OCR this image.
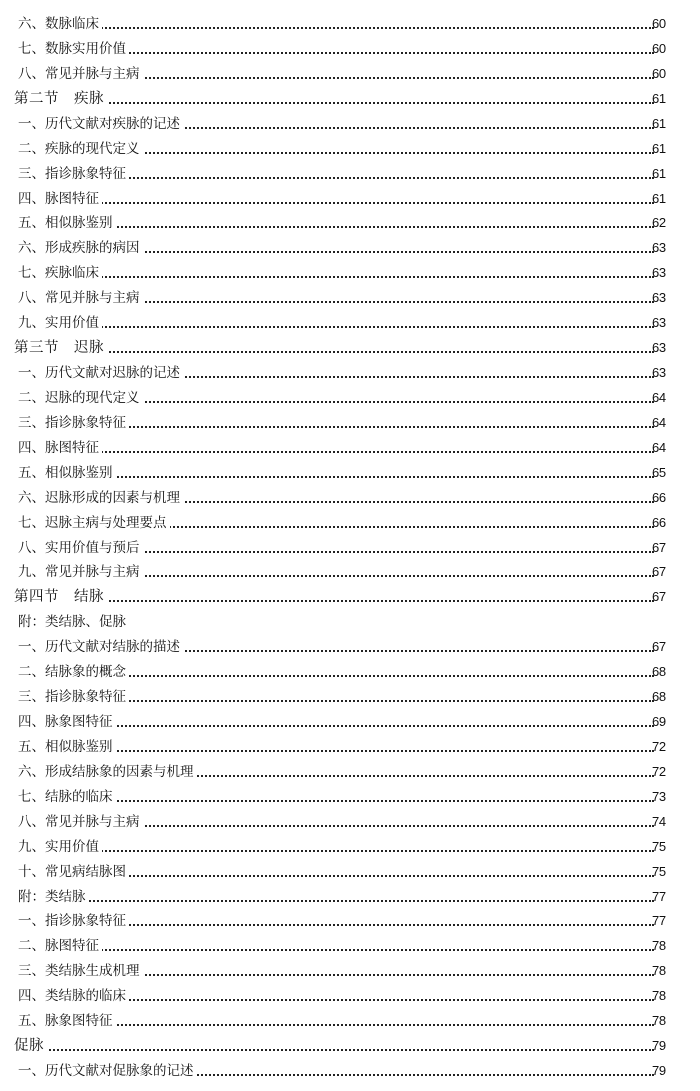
60
六、数脉临床
60
七、数脉实用价值
60
八、常见并脉与主病
61
第二节　疾脉
61
一、历代文献对疾脉的记述
61
二、疾脉的现代定义
61
三、指诊脉象特征
61
四、脉图特征
62
五、相似脉鉴别
63
六、形成疾脉的病因
63
七、疾脉临床
63
八、常见并脉与主病
63
九、实用价值
63
第三节　迟脉
63
一、历代文献对迟脉的记述
64
二、迟脉的现代定义
64
三、指诊脉象特征
64
四、脉图特征
65
五、相似脉鉴别
66
六、迟脉形成的因素与机理
66
七、迟脉主病与处理要点
67
八、实用价值与预后
67
九、常见并脉与主病
67
第四节　结脉
附：类结脉、促脉
67
一、历代文献对结脉的描述
68
二、结脉象的概念
68
三、指诊脉象特征
69
四、脉象图特征
72
五、相似脉鉴别
72
六、形成结脉象的因素与机理
73
七、结脉的临床
74
八、常见并脉与主病
75
九、实用价值
75
十、常见病结脉图
77
附：类结脉
77
一、指诊脉象特征
78
二、脉图特征
78
三、类结脉生成机理
78
四、类结脉的临床
78
五、脉象图特征
79
促脉
79
一、历代文献对促脉象的记述
